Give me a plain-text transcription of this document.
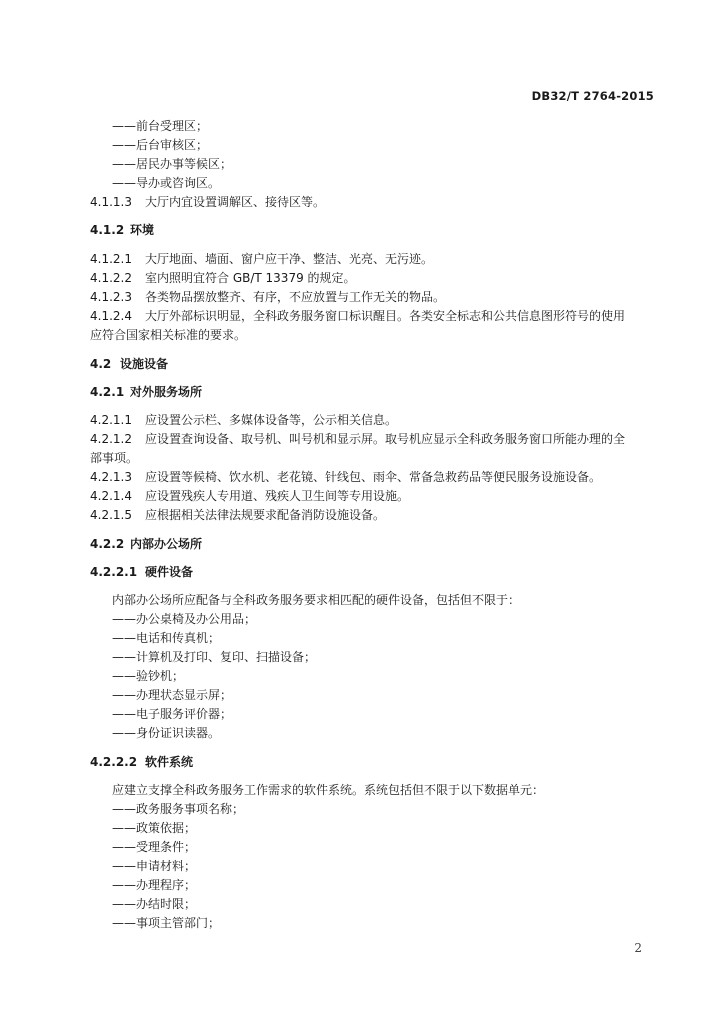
DB32/T 2764-2015
——前台受理区；
——后台审核区；
——居民办事等候区；
——导办或咨询区。
4.1.1.3 大厅内宜设置调解区、接待区等。
4.1.2 环境
4.1.2.1 大厅地面、墙面、窗户应干净、整洁、光亮、无污迹。
4.1.2.2 室内照明宜符合 GB/T 13379 的规定。
4.1.2.3 各类物品摆放整齐、有序，不应放置与工作无关的物品。
4.1.2.4 大厅外部标识明显，全科政务服务窗口标识醒目。各类安全标志和公共信息图形符号的使用
应符合国家相关标准的要求。
4.2 设施设备
4.2.1 对外服务场所
4.2.1.1 应设置公示栏、多媒体设备等，公示相关信息。
4.2.1.2 应设置查询设备、取号机、叫号机和显示屏。取号机应显示全科政务服务窗口所能办理的全
部事项。
4.2.1.3 应设置等候椅、饮水机、老花镜、针线包、雨伞、常备急救药品等便民服务设施设备。
4.2.1.4 应设置残疾人专用道、残疾人卫生间等专用设施。
4.2.1.5 应根据相关法律法规要求配备消防设施设备。
4.2.2 内部办公场所
4.2.2.1 硬件设备
内部办公场所应配备与全科政务服务要求相匹配的硬件设备，包括但不限于：
——办公桌椅及办公用品；
——电话和传真机；
——计算机及打印、复印、扫描设备；
——验钞机；
——办理状态显示屏；
——电子服务评价器；
——身份证识读器。
4.2.2.2 软件系统
应建立支撑全科政务服务工作需求的软件系统。系统包括但不限于以下数据单元：
——政务服务事项名称；
——政策依据；
——受理条件；
——申请材料；
——办理程序；
——办结时限；
——事项主管部门；
2
